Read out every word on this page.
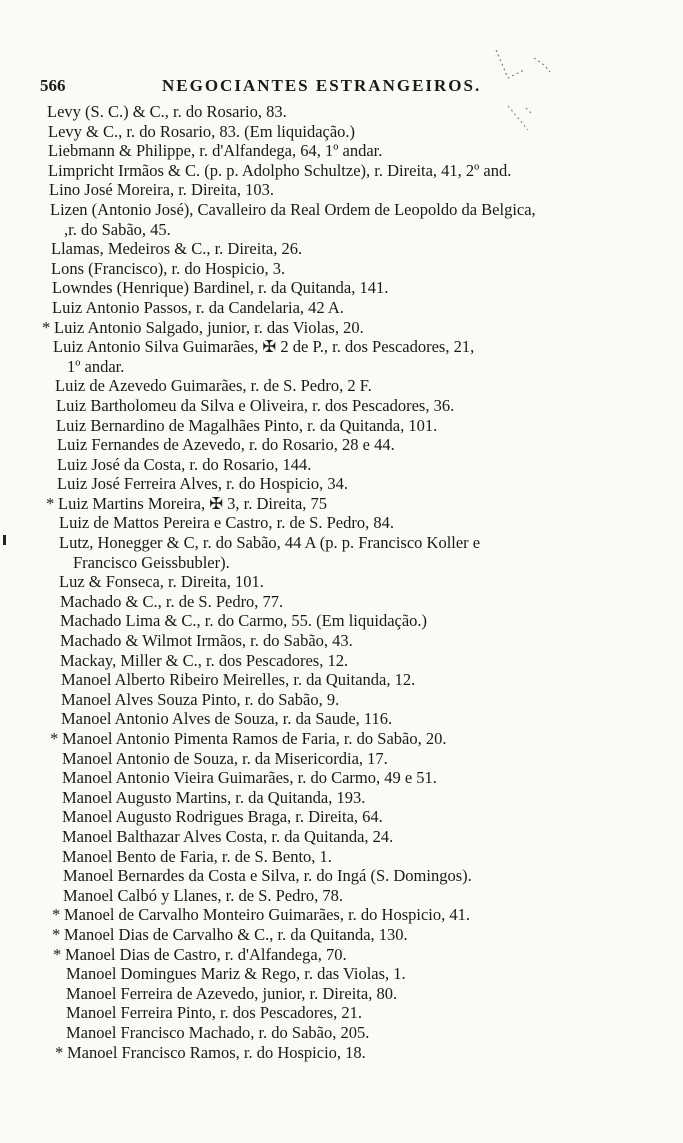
566	NEGOCIANTES ESTRANGEIROS.
Levy (S. C.) & C., r. do Rosario, 83.
Levy & C., r. do Rosario, 83. (Em liquidação.)
Liebmann & Philippe, r. d'Alfandega, 64, 1º andar.
Limpricht Irmãos & C. (p. p. Adolpho Schultze), r. Direita, 41, 2º and.
Lino José Moreira, r. Direita, 103.
Lizen (Antonio José), Cavalleiro da Real Ordem de Leopoldo da Belgica,
,r. do Sabão, 45.
Llamas, Medeiros & C., r. Direita, 26.
Lons (Francisco), r. do Hospicio, 3.
Lowndes (Henrique) Bardinel, r. da Quitanda, 141.
Luiz Antonio Passos, r. da Candelaria, 42 A.
* Luiz Antonio Salgado, junior, r. das Violas, 20.
Luiz Antonio Silva Guimarães, ✠ 2 de P., r. dos Pescadores, 21,
1º andar.
Luiz de Azevedo Guimarães, r. de S. Pedro, 2 F.
Luiz Bartholomeu da Silva e Oliveira, r. dos Pescadores, 36.
Luiz Bernardino de Magalhães Pinto, r. da Quitanda, 101.
Luiz Fernandes de Azevedo, r. do Rosario, 28 e 44.
Luiz José da Costa, r. do Rosario, 144.
Luiz José Ferreira Alves, r. do Hospicio, 34.
* Luiz Martins Moreira, ✠ 3, r. Direita, 75
Luiz de Mattos Pereira e Castro, r. de S. Pedro, 84.
Lutz, Honegger & C, r. do Sabão, 44 A (p. p. Francisco Koller e
Francisco Geissbubler).
Luz & Fonseca, r. Direita, 101.
Machado & C., r. de S. Pedro, 77.
Machado Lima & C., r. do Carmo, 55. (Em liquidação.)
Machado & Wilmot Irmãos, r. do Sabão, 43.
Mackay, Miller & C., r. dos Pescadores, 12.
Manoel Alberto Ribeiro Meirelles, r. da Quitanda, 12.
Manoel Alves Souza Pinto, r. do Sabão, 9.
Manoel Antonio Alves de Souza, r. da Saude, 116.
* Manoel Antonio Pimenta Ramos de Faria, r. do Sabão, 20.
Manoel Antonio de Souza, r. da Misericordia, 17.
Manoel Antonio Vieira Guimarães, r. do Carmo, 49 e 51.
Manoel Augusto Martins, r. da Quitanda, 193.
Manoel Augusto Rodrigues Braga, r. Direita, 64.
Manoel Balthazar Alves Costa, r. da Quitanda, 24.
Manoel Bento de Faria, r. de S. Bento, 1.
Manoel Bernardes da Costa e Silva, r. do Ingá (S. Domingos).
Manoel Calbó y Llanes, r. de S. Pedro, 78.
* Manoel de Carvalho Monteiro Guimarães, r. do Hospicio, 41.
* Manoel Dias de Carvalho & C., r. da Quitanda, 130.
* Manoel Dias de Castro, r. d'Alfandega, 70.
Manoel Domingues Mariz & Rego, r. das Violas, 1.
Manoel Ferreira de Azevedo, junior, r. Direita, 80.
Manoel Ferreira Pinto, r. dos Pescadores, 21.
Manoel Francisco Machado, r. do Sabão, 205.
* Manoel Francisco Ramos, r. do Hospicio, 18.
